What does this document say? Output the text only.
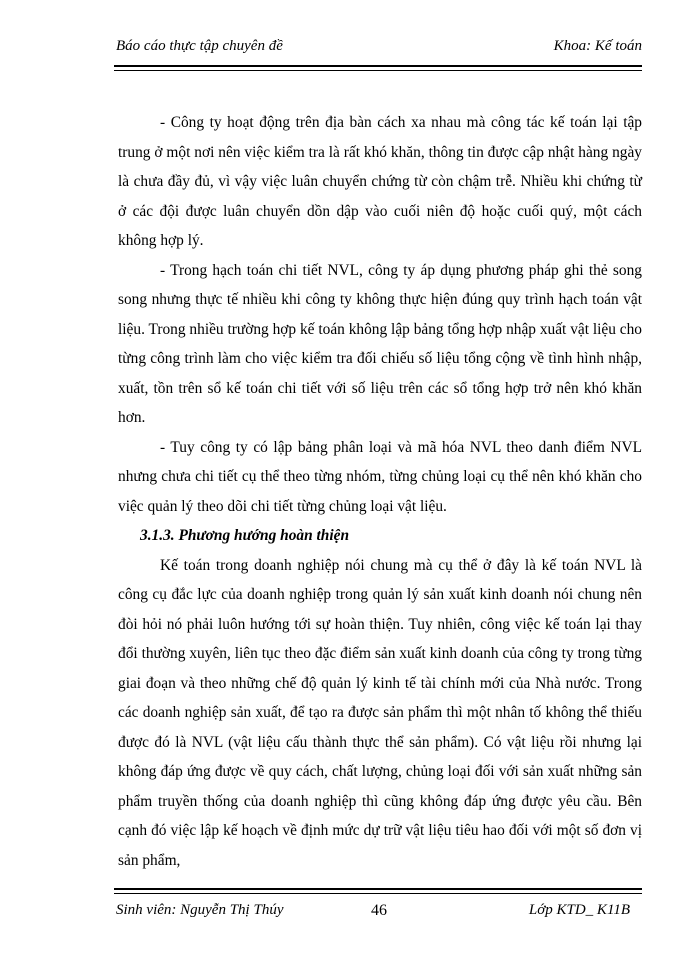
Báo cáo thực tập chuyên đề	Khoa: Kế toán

- Công ty hoạt động trên địa bàn cách xa nhau mà công tác kế toán lại tập trung ở một nơi nên việc kiểm tra là rất khó khăn, thông tin được cập nhật hàng ngày là chưa đầy đủ, vì vậy việc luân chuyển chứng từ còn chậm trễ. Nhiều khi chứng từ ở các đội được luân chuyển dồn dập vào cuối niên độ hoặc cuối quý, một cách không hợp lý.

- Trong hạch toán chi tiết NVL, công ty áp dụng phương pháp ghi thẻ song song nhưng thực tế nhiều khi công ty không thực hiện đúng quy trình hạch toán vật liệu. Trong nhiều trường hợp kế toán không lập bảng tổng hợp nhập xuất vật liệu cho từng công trình làm cho việc kiểm tra đối chiếu số liệu tổng cộng về tình hình nhập, xuất, tồn trên sổ kế toán chi tiết với số liệu trên các sổ tổng hợp trở nên khó khăn hơn.

- Tuy công ty có lập bảng phân loại và mã hóa NVL theo danh điểm NVL nhưng chưa chi tiết cụ thể theo từng nhóm, từng chủng loại cụ thể nên khó khăn cho việc quản lý theo dõi chi tiết từng chủng loại vật liệu.

3.1.3. Phương hướng hoàn thiện

Kế toán trong doanh nghiệp nói chung mà cụ thể ở đây là kế toán NVL là công cụ đắc lực của doanh nghiệp trong quản lý sản xuất kinh doanh nói chung nên đòi hỏi nó phải luôn hướng tới sự hoàn thiện. Tuy nhiên, công việc kế toán lại thay đổi thường xuyên, liên tục theo đặc điểm sản xuất kinh doanh của công ty trong từng giai đoạn và theo những chế độ quản lý kinh tế tài chính mới của Nhà nước. Trong các doanh nghiệp sản xuất, để tạo ra được sản phẩm thì một nhân tố không thể thiếu được đó là NVL (vật liệu cấu thành thực thể sản phẩm). Có vật liệu rồi nhưng lại không đáp ứng được về quy cách, chất lượng, chủng loại đối với sản xuất những sản phẩm truyền thống của doanh nghiệp thì cũng không đáp ứng được yêu cầu. Bên cạnh đó việc lập kế hoạch về định mức dự trữ vật liệu tiêu hao đối với một số đơn vị sản phẩm,

Sinh viên: Nguyễn Thị Thúy	46	Lớp KTD_ K11B
